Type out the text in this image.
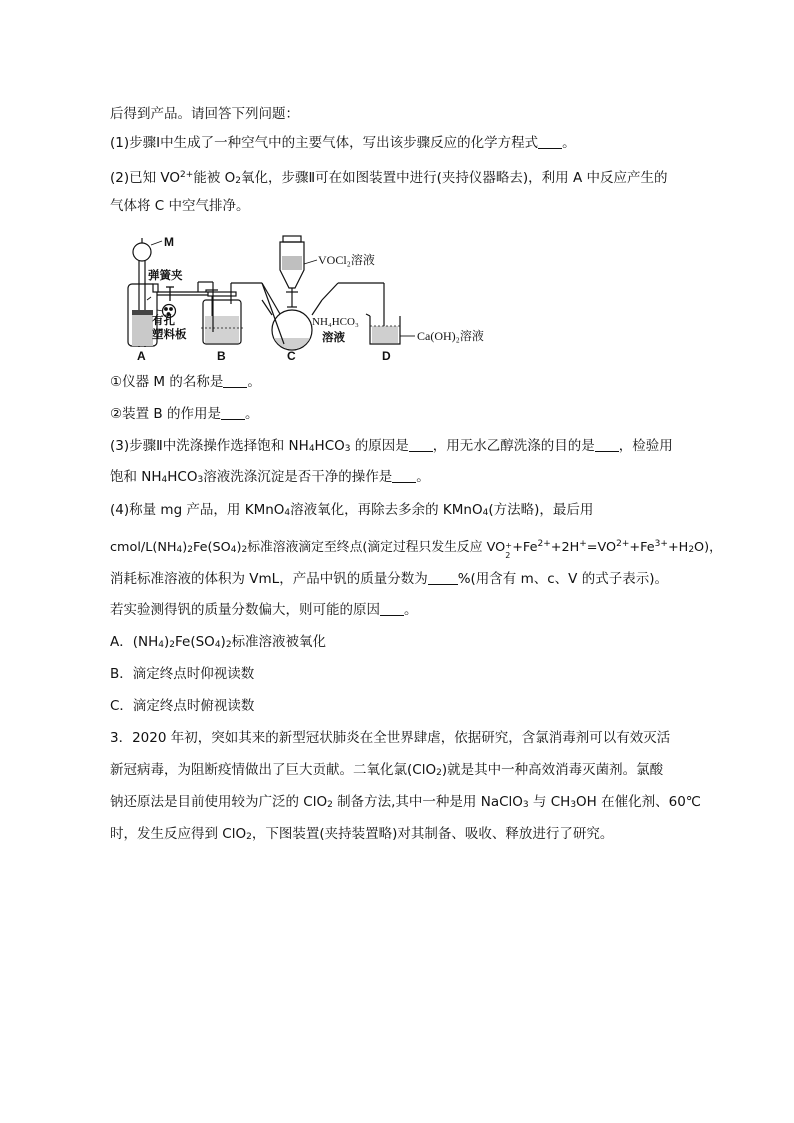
后得到产品。请回答下列问题：
(1)步骤Ⅰ中生成了一种空气中的主要气体，写出该步骤反应的化学方程式 。
(2)已知 $VO^{2+}$能被 O2氧化，步骤Ⅱ可在如图装置中进行(夹持仪器略去)，利用 A 中反应产生的
气体将 C 中空气排净。
M
弹簧夹
有孔
塑料板
VOCl₂溶液
NH₄HCO₃
溶液	Ca(OH)₂溶液
A	B	C	D
①仪器 M 的名称是 。
②装置 B 的作用是 。
(3)步骤Ⅱ中洗涤操作选择饱和 NH4HCO3 的原因是 ，用无水乙醇洗涤的目的是 ，检验用
饱和 NH4HCO3溶液洗涤沉淀是否干净的操作是 。
(4)称量 mg 产品，用 KMnO4溶液氧化，再除去多余的 KMnO4(方法略)，最后用
cmol/L(NH4)2Fe(SO4)2标准溶液滴定至终点(滴定过程只发生反应 VO +
2
$+Fe^{2+}+2H^+=VO^{2+}+Fe^{3+}+H2O$)，
消耗标准溶液的体积为 VmL，产品中钒的质量分数为 %(用含有 m、c、V 的式子表示)。
若实验测得钒的质量分数偏大，则可能的原因 。
A．(NH4)2Fe(SO4)2标准溶液被氧化
B．滴定终点时仰视读数
C．滴定终点时俯视读数
3．2020 年初，突如其来的新型冠状肺炎在全世界肆虐，依据研究，含氯消毒剂可以有效灭活
新冠病毒，为阻断疫情做出了巨大贡献。二氧化氯(ClO2)就是其中一种高效消毒灭菌剂。氯酸
钠还原法是目前使用较为广泛的 ClO2 制备方法,其中一种是用 NaClO3 与 CH3OH 在催化剂、60℃
时，发生反应得到 ClO2，下图装置(夹持装置略)对其制备、吸收、释放进行了研究。
